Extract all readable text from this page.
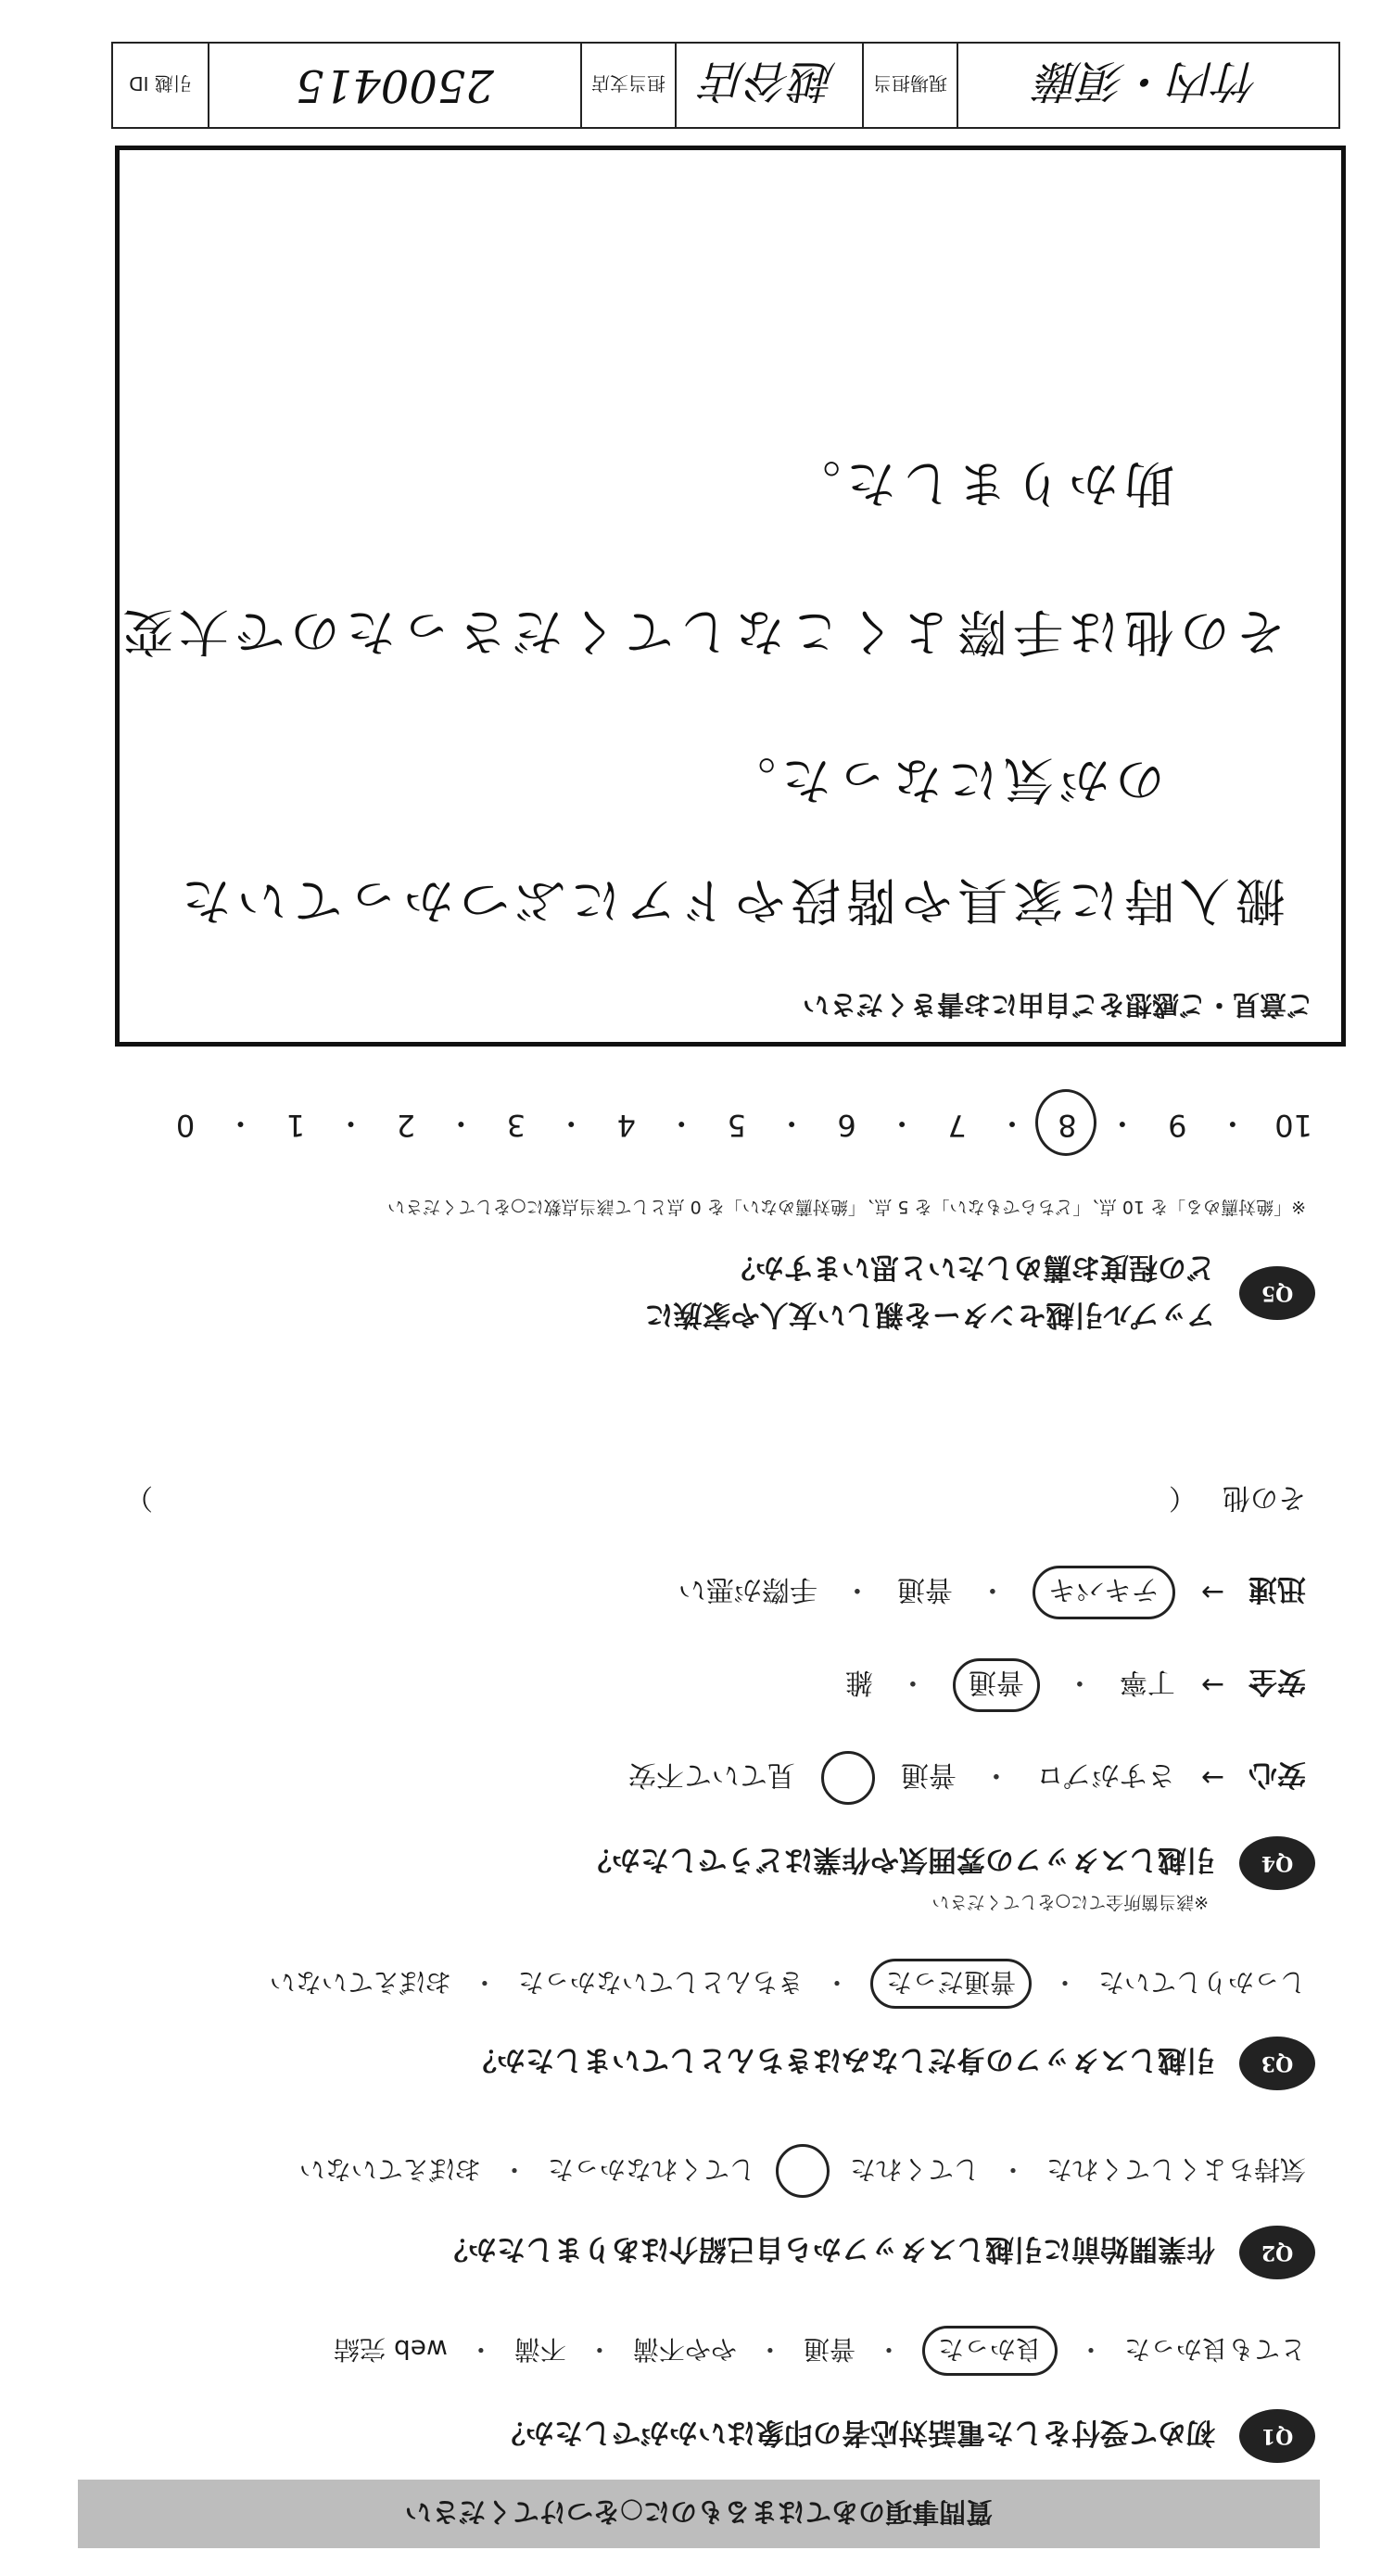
質問事項のあてはまるものに○をつけてください
Q1
初めて受付をした電話対応者の印象はいかがでしたか？
とても良かった
・
良かった
・
普通
・
やや不満
・
不満
・
web 完結
Q2
作業開始前に引越しスタッフから自己紹介はありましたか？
気持ちよくしてくれた
・
してくれた
してくれなかった
・
おぼえていない
Q3
引越しスタッフの身だしなみはきちんとしていましたか？
しっかりしていた
・
普通だった
・
きちんとしていなかった
・
おぼえていない
Q4
引越しスタッフの雰囲気や作業はどうでしたか？
※該当箇所全てに○をしてください
安心
→
さすがプロ
・
普通
見ていて不安
安全
→
丁寧
・
普通
・
雑
迅速
→
テキパキ
・
普通
・
手際が悪い
その他
（
）
Q5
アップル引越センターを親しい友人や家族に
どの程度お薦めしたいと思いますか？
※「絶対薦める」を 10 点、「どちらでもない」を 5 点、「絶対薦めない」を 0 点として該当点数に○をしてください
10
・
9
・
8
・
7
・
6
・
5
・
4
・
3
・
2
・
1
・
0
ご意見・ご感想をご自由にお書きください
搬入時に家具や階段やドアにぶつかっていた
のが気になった。
その他は手際よくこなしてくださったので大変
助かりました。
竹内・須藤
現場担当
越谷店
担当支店
2500415
引越 ID
